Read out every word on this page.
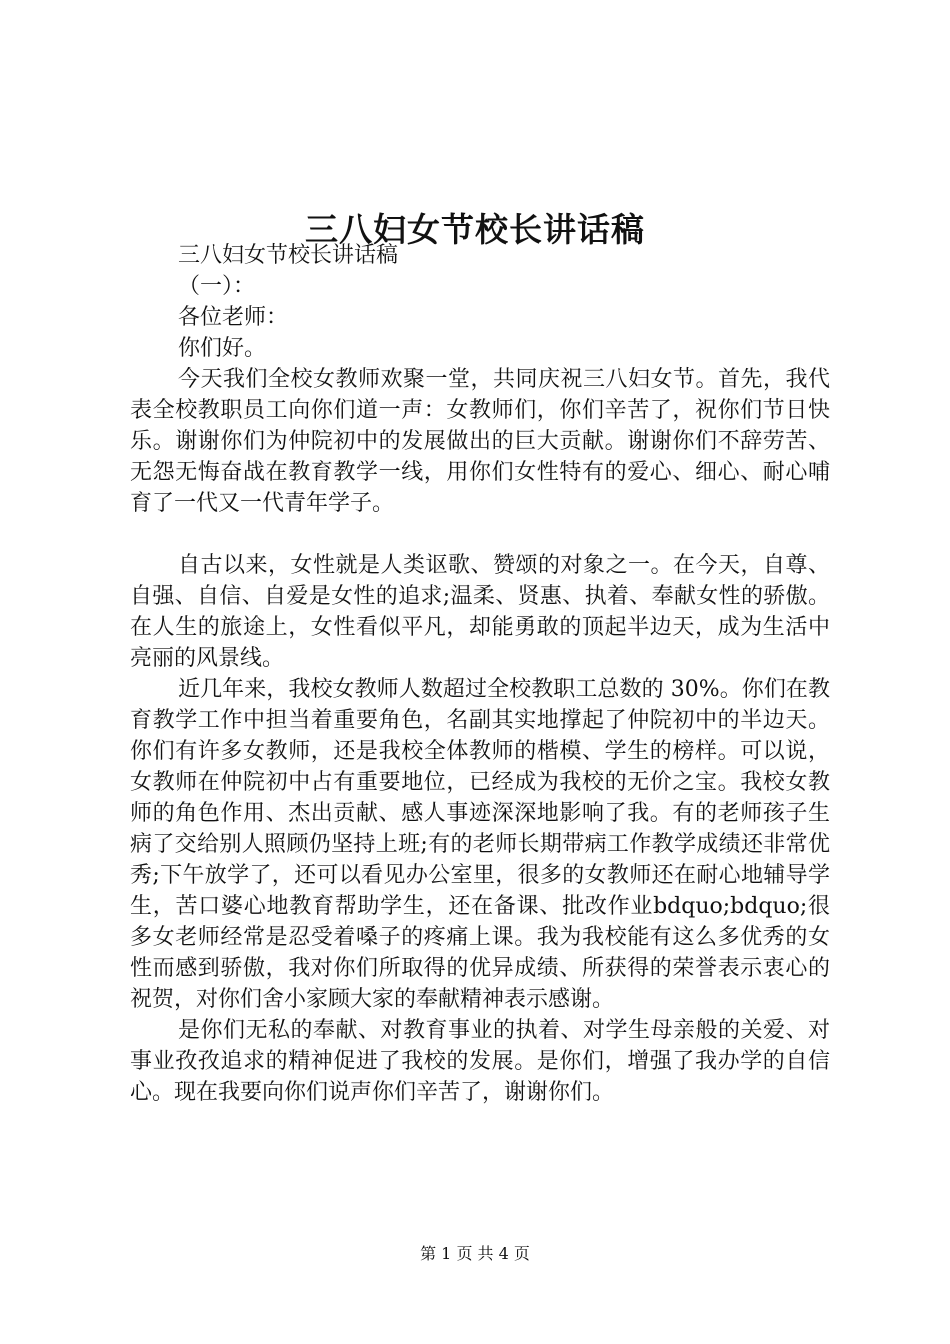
三八妇女节校长讲话稿

三八妇女节校长讲话稿

（一）：

各位老师：

你们好。

今天我们全校女教师欢聚一堂，共同庆祝三八妇女节。首先，我代表全校教职员工向你们道一声：女教师们，你们辛苦了，祝你们节日快乐。谢谢你们为仲院初中的发展做出的巨大贡献。谢谢你们不辞劳苦、无怨无悔奋战在教育教学一线，用你们女性特有的爱心、细心、耐心哺育了一代又一代青年学子。

自古以来，女性就是人类讴歌、赞颂的对象之一。在今天，自尊、自强、自信、自爱是女性的追求;温柔、贤惠、执着、奉献女性的骄傲。在人生的旅途上，女性看似平凡，却能勇敢的顶起半边天，成为生活中亮丽的风景线。

近几年来，我校女教师人数超过全校教职工总数的 30%。你们在教育教学工作中担当着重要角色，名副其实地撑起了仲院初中的半边天。你们有许多女教师，还是我校全体教师的楷模、学生的榜样。可以说，女教师在仲院初中占有重要地位，已经成为我校的无价之宝。我校女教师的角色作用、杰出贡献、感人事迹深深地影响了我。有的老师孩子生病了交给别人照顾仍坚持上班;有的老师长期带病工作教学成绩还非常优秀;下午放学了，还可以看见办公室里，很多的女教师还在耐心地辅导学生，苦口婆心地教育帮助学生，还在备课、批改作业bdquo;bdquo;很多女老师经常是忍受着嗓子的疼痛上课。我为我校能有这么多优秀的女性而感到骄傲，我对你们所取得的优异成绩、所获得的荣誉表示衷心的祝贺，对你们舍小家顾大家的奉献精神表示感谢。

是你们无私的奉献、对教育事业的执着、对学生母亲般的关爱、对事业孜孜追求的精神促进了我校的发展。是你们，增强了我办学的自信心。现在我要向你们说声你们辛苦了，谢谢你们。

第 1 页 共 4 页
